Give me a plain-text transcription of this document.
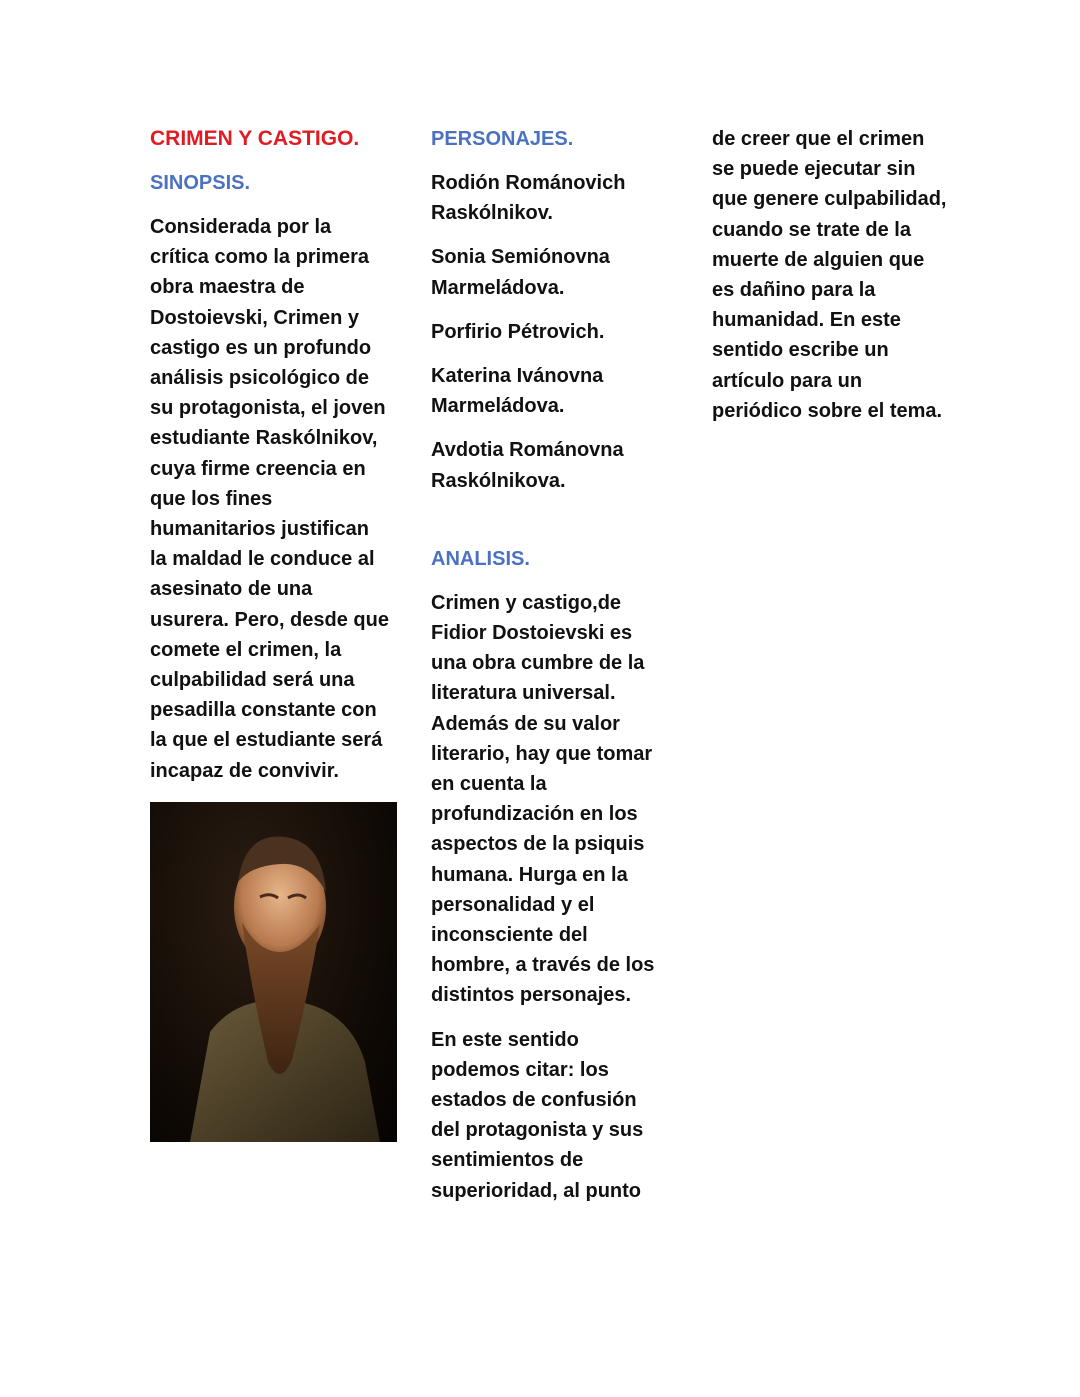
CRIMEN Y CASTIGO.
SINOPSIS.

Considerada por la crítica como la primera obra maestra de Dostoievski, Crimen y castigo es un profundo análisis psicológico de su protagonista, el joven estudiante Raskólnikov, cuya firme creencia en que los fines humanitarios justifican la maldad le conduce al asesinato de una usurera. Pero, desde que comete el crimen, la culpabilidad será una pesadilla constante con la que el estudiante será incapaz de convivir.

PERSONAJES.

Rodión Románovich Raskólnikov.

Sonia Semiónovna Marmeládova.

Porfirio Pétrovich.

Katerina Ivánovna Marmeládova.

Avdotia Románovna Raskólnikova.

ANALISIS.

Crimen y castigo,de Fidior Dostoievski es una obra cumbre de la literatura universal. Además de su valor literario, hay que tomar en cuenta la profundización en los aspectos de la psiquis humana. Hurga en la personalidad y el inconsciente del hombre, a través de los distintos personajes.

En este sentido podemos citar: los estados de confusión del protagonista y sus sentimientos de superioridad, al punto

de creer que el crimen se puede ejecutar sin que genere culpabilidad, cuando se trate de la muerte de alguien que es dañino para la humanidad. En este sentido escribe un artículo para un periódico sobre el tema.
